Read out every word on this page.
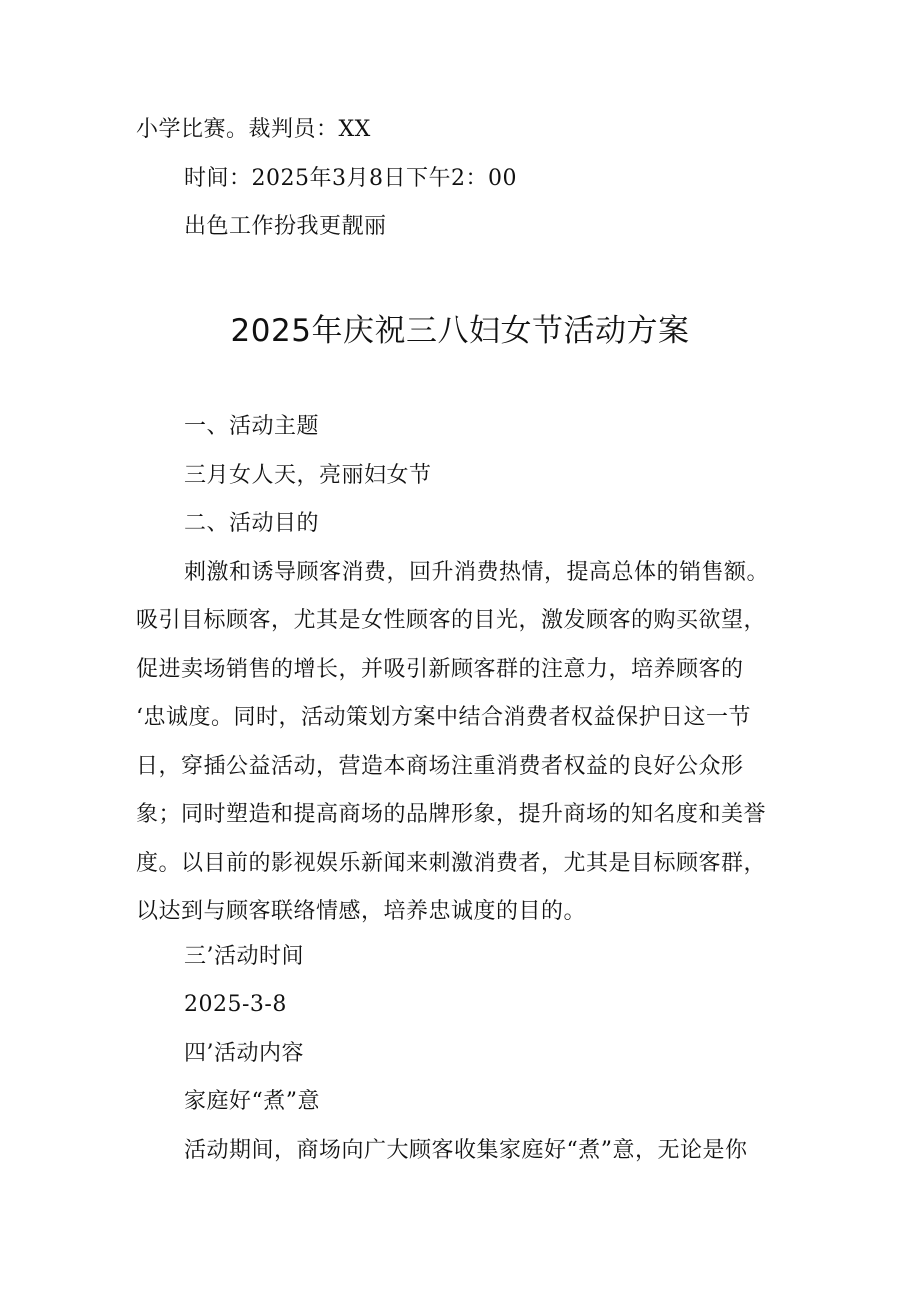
小学比赛。裁判员：XX
时间：2025年3月8日下午2：00
出色工作扮我更靓丽
2025年庆祝三八妇女节活动方案
一、活动主题
三月女人天，亮丽妇女节
二、活动目的
刺激和诱导顾客消费，回升消费热情，提高总体的销售额。
吸引目标顾客，尤其是女性顾客的目光，激发顾客的购买欲望，
促进卖场销售的增长，并吸引新顾客群的注意力，培养顾客的
‘忠诚度。同时，活动策划方案中结合消费者权益保护日这一节
日，穿插公益活动，营造本商场注重消费者权益的良好公众形
象；同时塑造和提高商场的品牌形象，提升商场的知名度和美誉
度。以目前的影视娱乐新闻来刺激消费者，尤其是目标顾客群，
以达到与顾客联络情感，培养忠诚度的目的。
三’活动时间
2025-3-8
四’活动内容
家庭好“煮”意
活动期间，商场向广大顾客收集家庭好“煮”意，无论是你
